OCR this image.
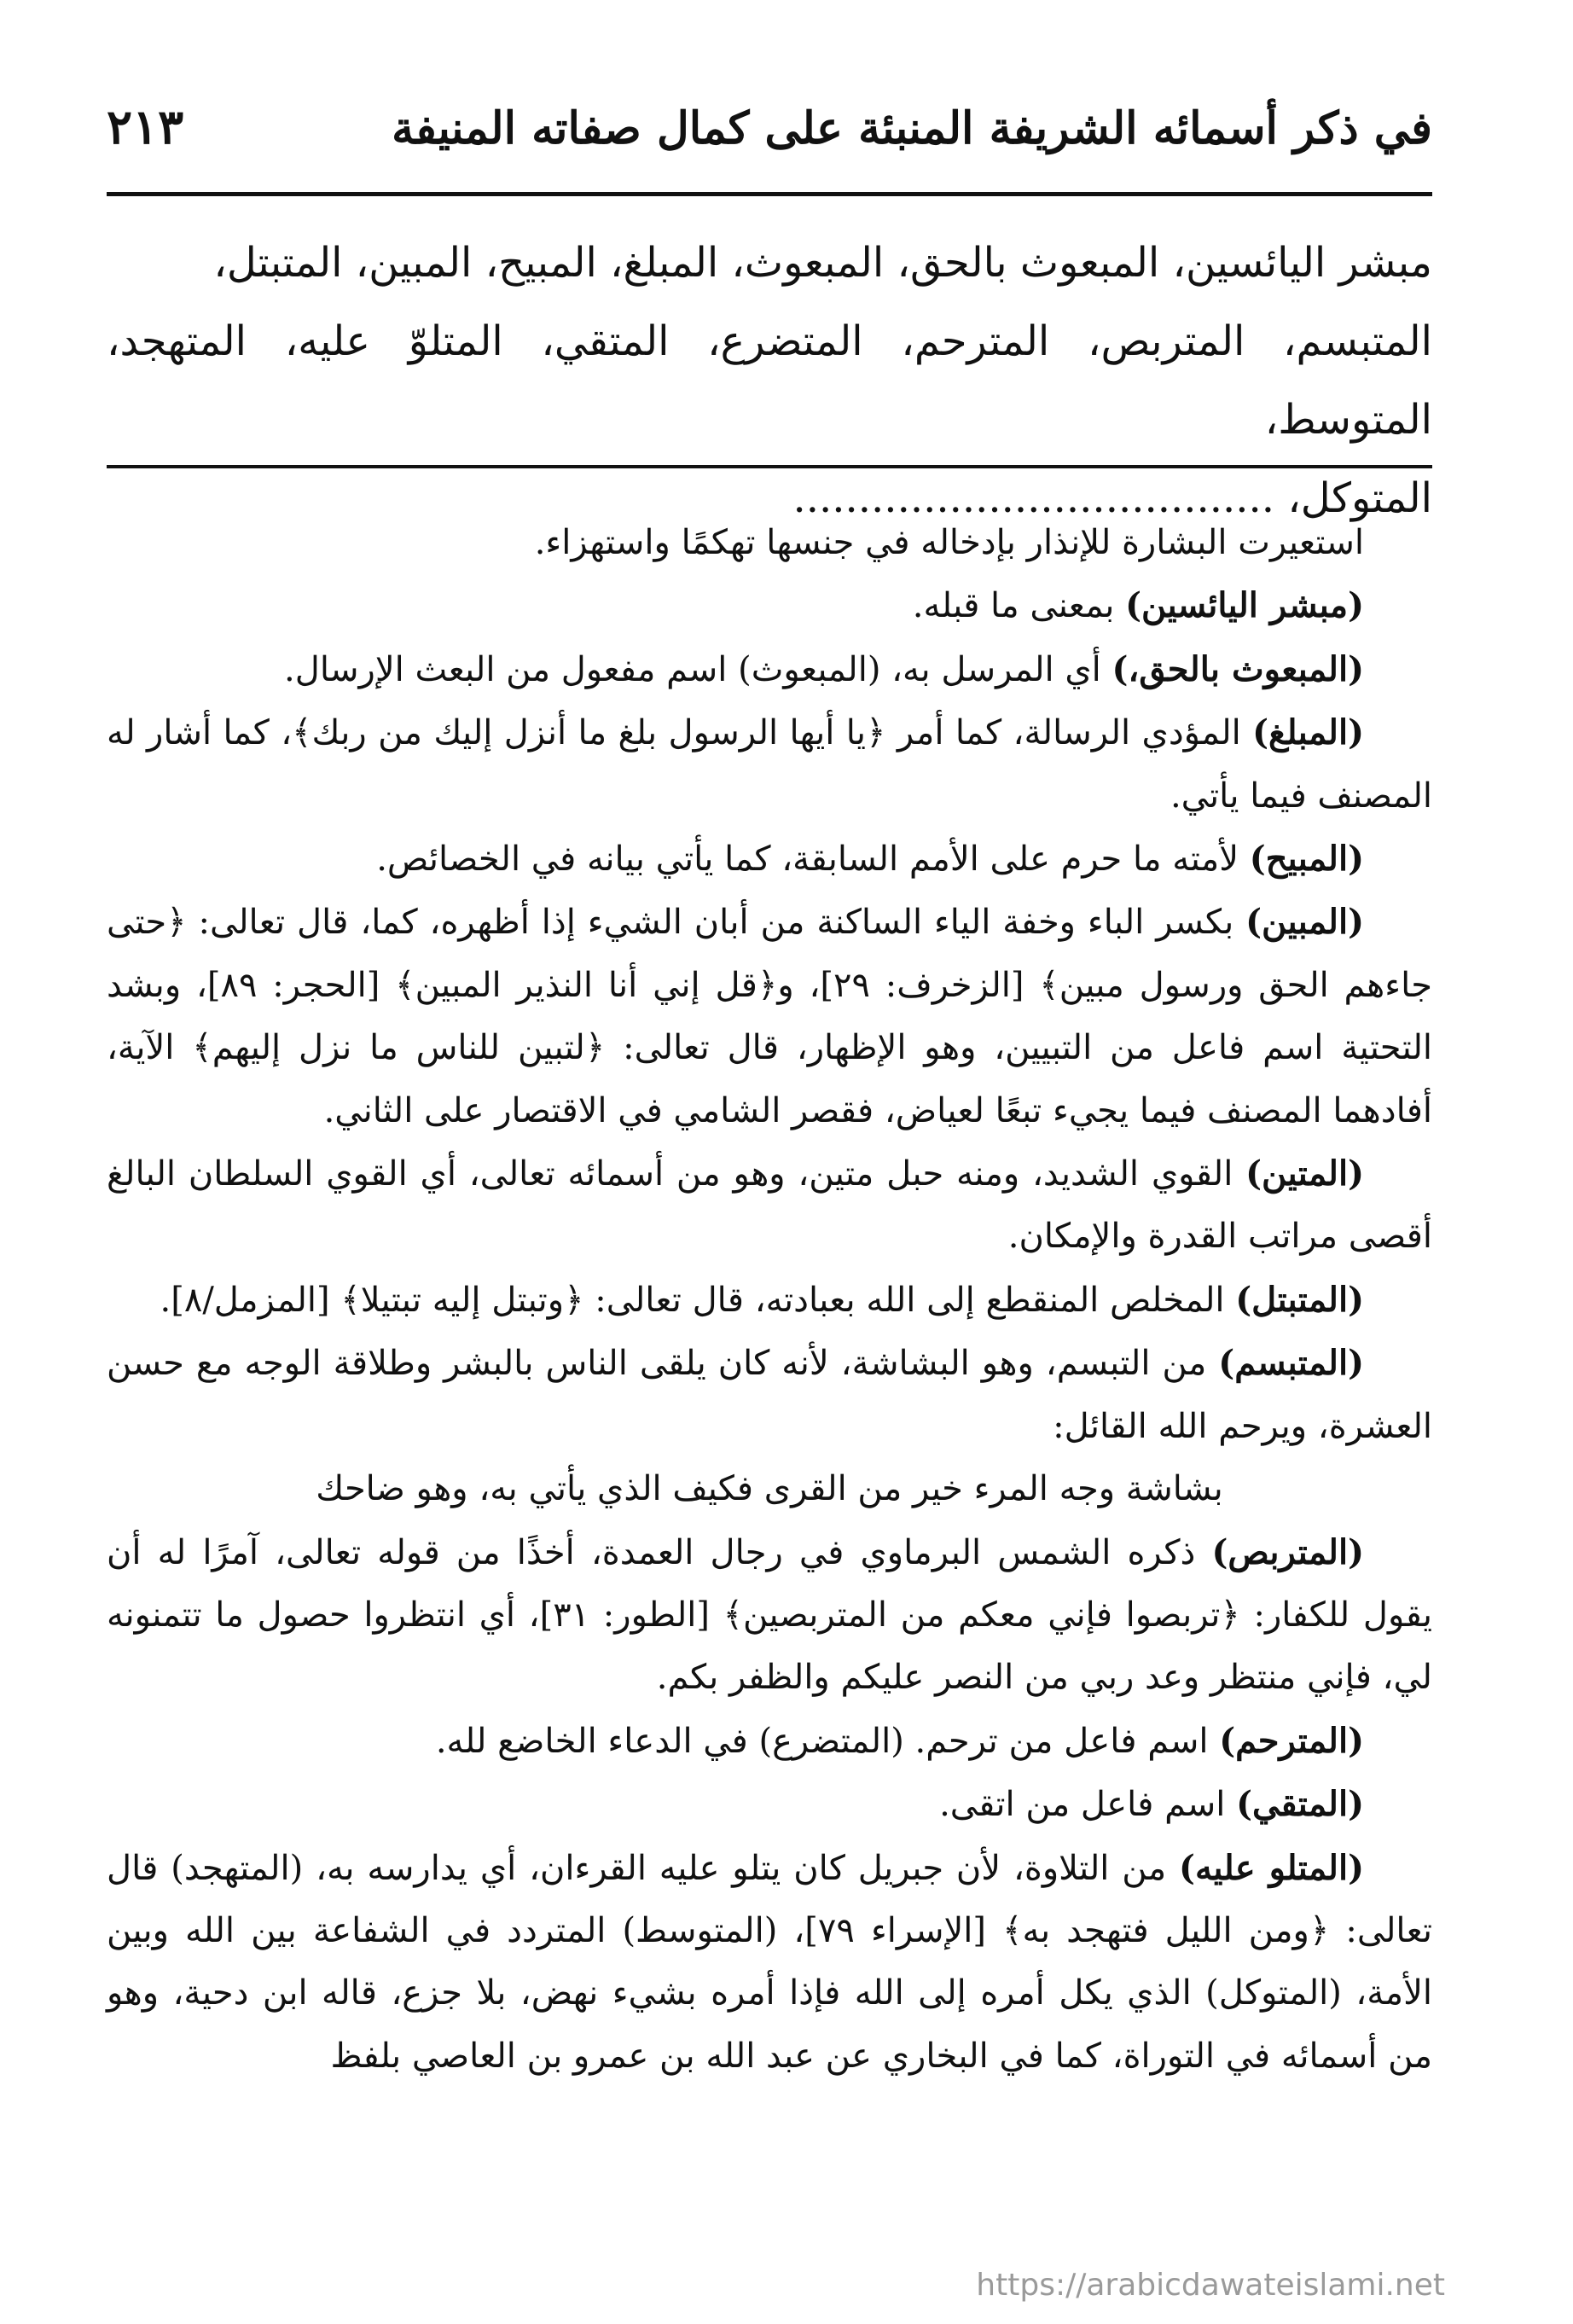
في ذكر أسمائه الشريفة المنبئة على كمال صفاته المنيفة
٢١٣
مبشر اليائسين، المبعوث بالحق، المبعوث، المبلغ، المبيح، المبين، المتبتل،
المتبسم، المتربص، المترحم، المتضرع، المتقي، المتلوّ عليه، المتهجد، المتوسط،
المتوكل، .....................................

استعيرت البشارة للإنذار بإدخاله في جنسها تهكمًا واستهزاء.

(مبشر اليائسين) بمعنى ما قبله.

(المبعوث بالحق،) أي المرسل به، (المبعوث) اسم مفعول من البعث الإرسال.

(المبلغ) المؤدي الرسالة، كما أمر ﴿يا أيها الرسول بلغ ما أنزل إليك من ربك﴾، كما أشار له المصنف فيما يأتي.

(المبيح) لأمته ما حرم على الأمم السابقة، كما يأتي بيانه في الخصائص.

(المبين) بكسر الباء وخفة الياء الساكنة من أبان الشيء إذا أظهره، كما، قال تعالى: ﴿حتى جاءهم الحق ورسول مبين﴾ [الزخرف: ٢٩]، و﴿قل إني أنا النذير المبين﴾ [الحجر: ٨٩]، وبشد التحتية اسم فاعل من التبيين، وهو الإظهار، قال تعالى: ﴿لتبين للناس ما نزل إليهم﴾ الآية، أفادهما المصنف فيما يجيء تبعًا لعياض، فقصر الشامي في الاقتصار على الثاني.

(المتين) القوي الشديد، ومنه حبل متين، وهو من أسمائه تعالى، أي القوي السلطان البالغ أقصى مراتب القدرة والإمكان.

(المتبتل) المخلص المنقطع إلى الله بعبادته، قال تعالى: ﴿وتبتل إليه تبتيلا﴾ [المزمل/٨].

(المتبسم) من التبسم، وهو البشاشة، لأنه كان يلقى الناس بالبشر وطلاقة الوجه مع حسن العشرة، ويرحم الله القائل:

بشاشة وجه المرء خير من القرى فكيف الذي يأتي به، وهو ضاحك

(المتربص) ذكره الشمس البرماوي في رجال العمدة، أخذًا من قوله تعالى، آمرًا له أن يقول للكفار: ﴿تربصوا فإني معكم من المتربصين﴾ [الطور: ٣١]، أي انتظروا حصول ما تتمنونه لي، فإني منتظر وعد ربي من النصر عليكم والظفر بكم.

(المترحم) اسم فاعل من ترحم. (المتضرع) في الدعاء الخاضع لله.

(المتقي) اسم فاعل من اتقى.

(المتلو عليه) من التلاوة، لأن جبريل كان يتلو عليه القرءان، أي يدارسه به، (المتهجد) قال تعالى: ﴿ومن الليل فتهجد به﴾ [الإسراء ٧٩]، (المتوسط) المتردد في الشفاعة بين الله وبين الأمة، (المتوكل) الذي يكل أمره إلى الله فإذا أمره بشيء نهض، بلا جزع، قاله ابن دحية، وهو من أسمائه في التوراة، كما في البخاري عن عبد الله بن عمرو بن العاصي بلفظ

https://arabicdawateislami.net
